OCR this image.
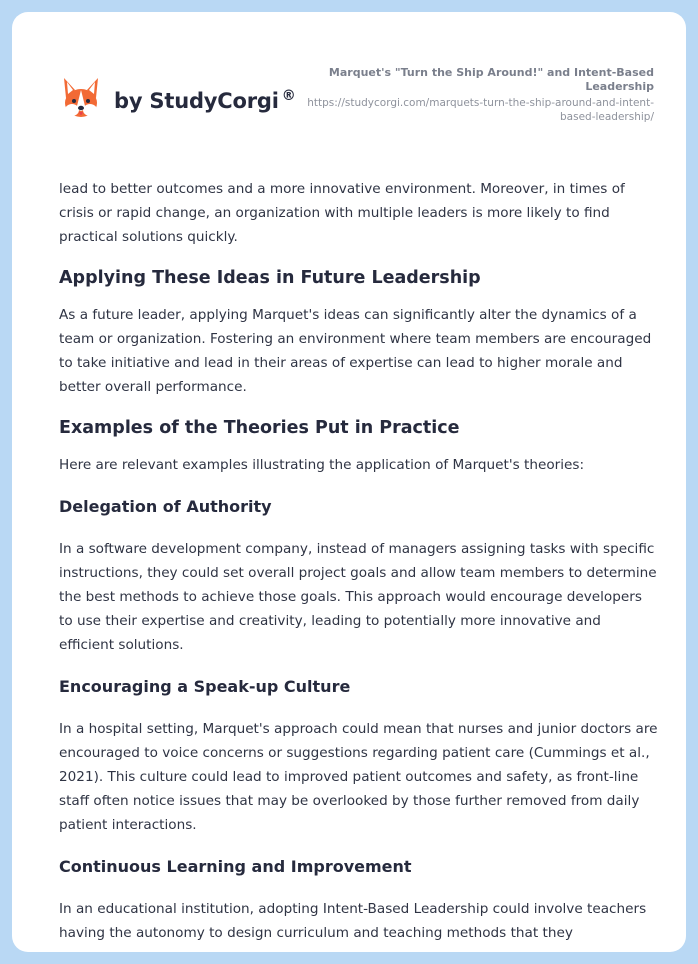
by StudyCorgi ®
Marquet's "Turn the Ship Around!" and Intent-Based Leadership
https://studycorgi.com/marquets-turn-the-ship-around-and-intent-based-leadership/

lead to better outcomes and a more innovative environment. Moreover, in times of crisis or rapid change, an organization with multiple leaders is more likely to find practical solutions quickly.

Applying These Ideas in Future Leadership

As a future leader, applying Marquet's ideas can significantly alter the dynamics of a team or organization. Fostering an environment where team members are encouraged to take initiative and lead in their areas of expertise can lead to higher morale and better overall performance.

Examples of the Theories Put in Practice

Here are relevant examples illustrating the application of Marquet's theories:

Delegation of Authority

In a software development company, instead of managers assigning tasks with specific instructions, they could set overall project goals and allow team members to determine the best methods to achieve those goals. This approach would encourage developers to use their expertise and creativity, leading to potentially more innovative and efficient solutions.

Encouraging a Speak-up Culture

In a hospital setting, Marquet's approach could mean that nurses and junior doctors are encouraged to voice concerns or suggestions regarding patient care (Cummings et al., 2021). This culture could lead to improved patient outcomes and safety, as front-line staff often notice issues that may be overlooked by those further removed from daily patient interactions.

Continuous Learning and Improvement

In an educational institution, adopting Intent-Based Leadership could involve teachers having the autonomy to design curriculum and teaching methods that they
